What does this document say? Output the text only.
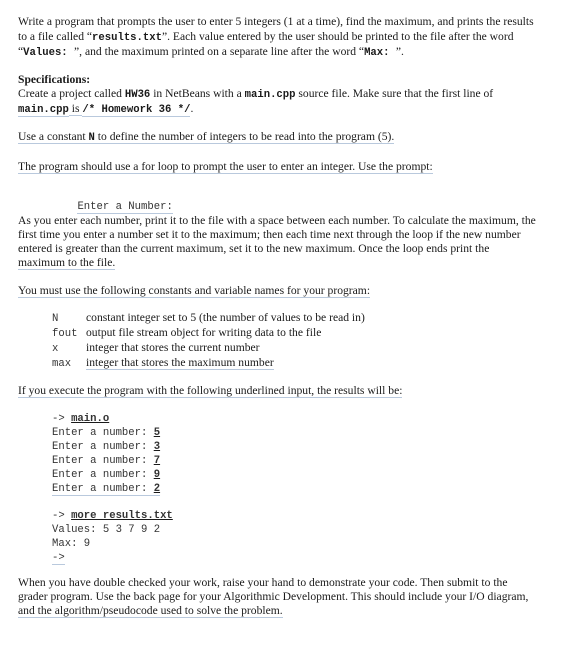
Write a program that prompts the user to enter 5 integers (1 at a time), find the maximum, and prints the results
to a file called “results.txt”. Each value entered by the user should be printed to the file after the word
“Values: ”, and the maximum printed on a separate line after the word “Max: ”.
Specifications:
Create a project called HW36 in NetBeans with a main.cpp source file. Make sure that the first line of
main.cpp is /* Homework 36 */.
Use a constant N to define the number of integers to be read into the program (5).
The program should use a for loop to prompt the user to enter an integer. Use the prompt:

Enter a Number:

As you enter each number, print it to the file with a space between each number. To calculate the maximum, the
first time you enter a number set it to the maximum; then each time next through the loop if the new number
entered is greater than the current maximum, set it to the new maximum. Once the loop ends print the
maximum to the file.
You must use the following constants and variable names for your program:
N constant integer set to 5 (the number of values to be read in)
fout output file stream object for writing data to the file
x integer that stores the current number
max integer that stores the maximum number
If you execute the program with the following underlined input, the results will be:
-> main.o
Enter a number: 5
Enter a number: 3
Enter a number: 7
Enter a number: 9
Enter a number: 2
-> more results.txt
Values: 5 3 7 9 2
Max: 9
->
When you have double checked your work, raise your hand to demonstrate your code. Then submit to the
grader program. Use the back page for your Algorithmic Development. This should include your I/O diagram,
and the algorithm/pseudocode used to solve the problem.
